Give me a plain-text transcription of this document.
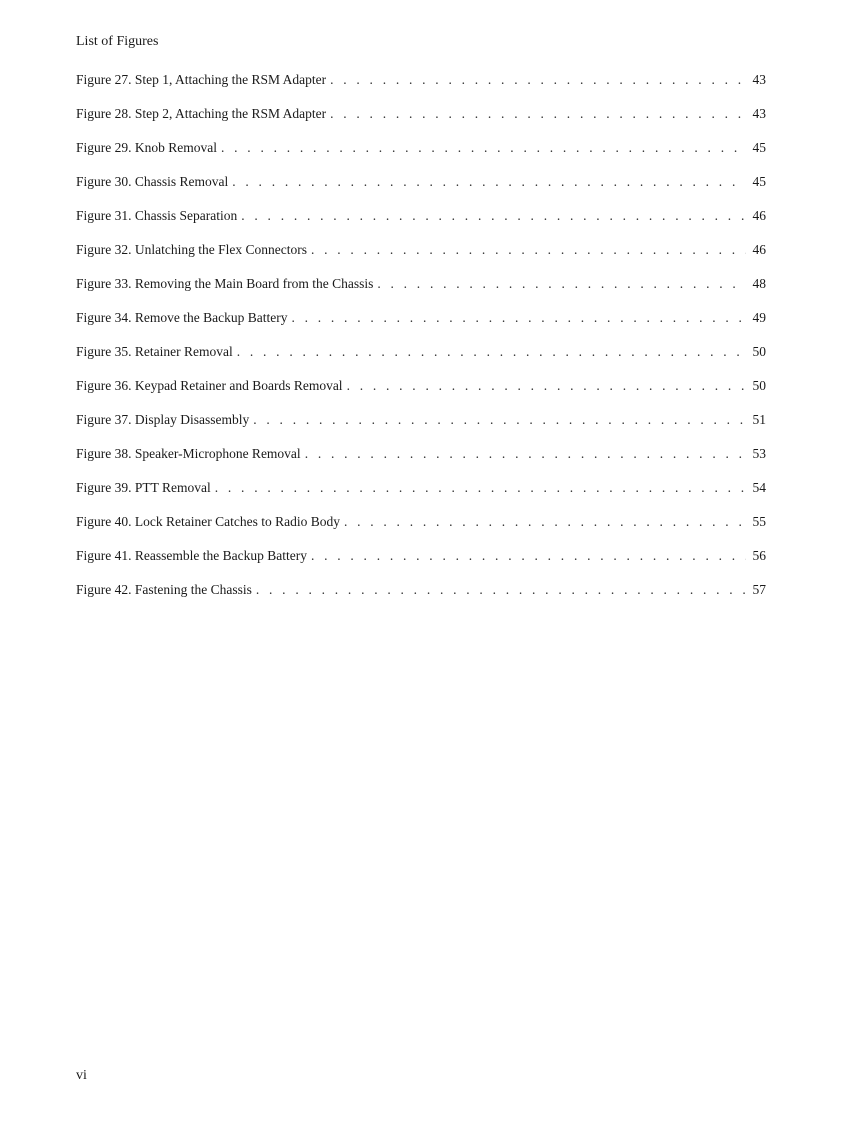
List of Figures
Figure 27. Step 1, Attaching the RSM Adapter . . .	43
Figure 28. Step 2, Attaching the RSM Adapter . . .	43
Figure 29. Knob Removal . . .	45
Figure 30. Chassis Removal . . .	45
Figure 31. Chassis Separation . . .	46
Figure 32. Unlatching the Flex Connectors . . .	46
Figure 33. Removing the Main Board from the Chassis . . .	48
Figure 34. Remove the Backup Battery . . .	49
Figure 35. Retainer Removal . . .	50
Figure 36. Keypad Retainer and Boards Removal . . .	50
Figure 37. Display Disassembly . . .	51
Figure 38. Speaker-Microphone Removal . . .	53
Figure 39. PTT Removal . . .	54
Figure 40. Lock Retainer Catches to Radio Body . . .	55
Figure 41. Reassemble the Backup Battery . . .	56
Figure 42. Fastening the Chassis . . .	57
vi
